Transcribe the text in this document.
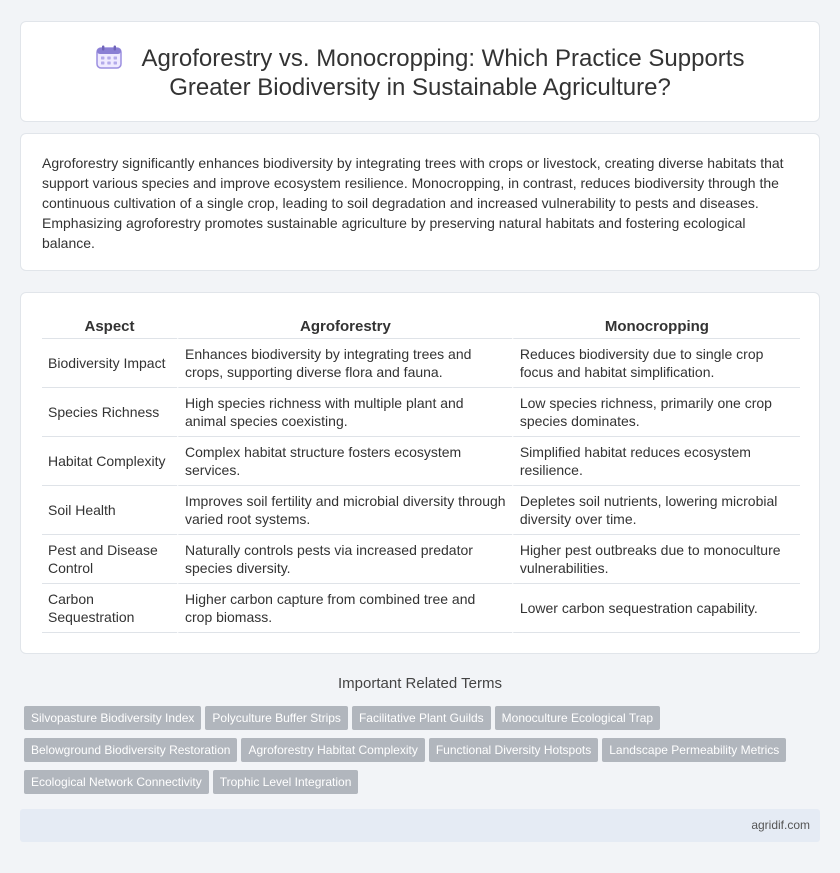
Agroforestry vs. Monocropping: Which Practice Supports Greater Biodiversity in Sustainable Agriculture?

Agroforestry significantly enhances biodiversity by integrating trees with crops or livestock, creating diverse habitats that support various species and improve ecosystem resilience. Monocropping, in contrast, reduces biodiversity through the continuous cultivation of a single crop, leading to soil degradation and increased vulnerability to pests and diseases. Emphasizing agroforestry promotes sustainable agriculture by preserving natural habitats and fostering ecological balance.

Aspect	Agroforestry	Monocropping
Biodiversity Impact	Enhances biodiversity by integrating trees and crops, supporting diverse flora and fauna.	Reduces biodiversity due to single crop focus and habitat simplification.
Species Richness	High species richness with multiple plant and animal species coexisting.	Low species richness, primarily one crop species dominates.
Habitat Complexity	Complex habitat structure fosters ecosystem services.	Simplified habitat reduces ecosystem resilience.
Soil Health	Improves soil fertility and microbial diversity through varied root systems.	Depletes soil nutrients, lowering microbial diversity over time.
Pest and Disease Control	Naturally controls pests via increased predator species diversity.	Higher pest outbreaks due to monoculture vulnerabilities.
Carbon Sequestration	Higher carbon capture from combined tree and crop biomass.	Lower carbon sequestration capability.
Important Related Terms
Silvopasture Biodiversity Index Polyculture Buffer Strips Facilitative Plant Guilds Monoculture Ecological Trap
Belowground Biodiversity Restoration Agroforestry Habitat Complexity Functional Diversity Hotspots Landscape Permeability Metrics
Ecological Network Connectivity Trophic Level Integration
agridif.com
